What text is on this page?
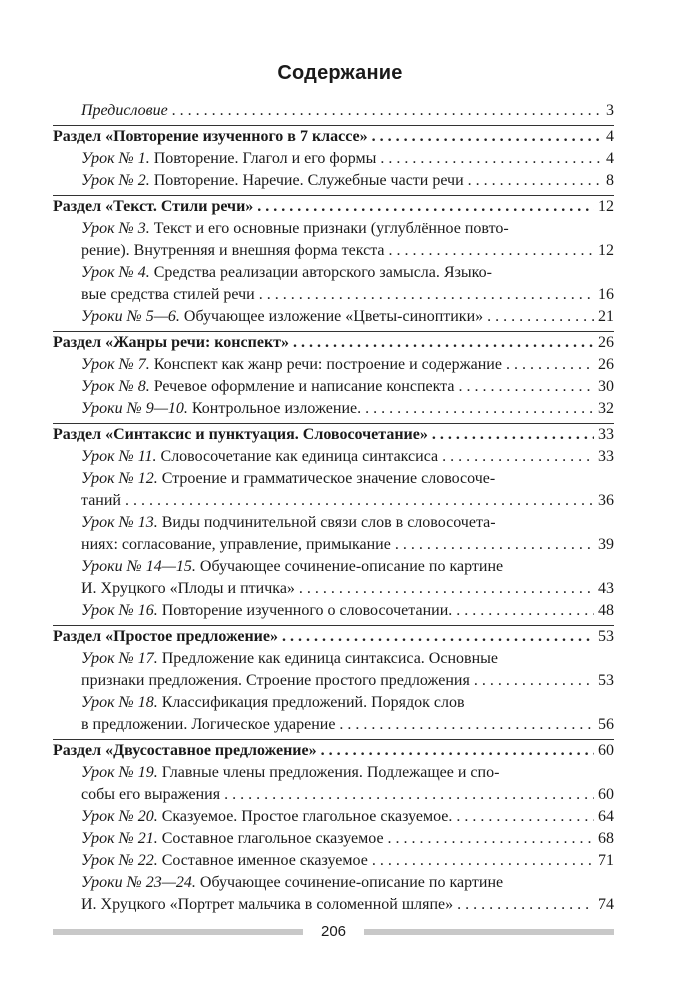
Содержание
Предисловие . . .	3
Раздел «Повторение изученного в 7 классе» . . .	4
Урок № 1. Повторение. Глагол и его формы . . .	4
Урок № 2. Повторение. Наречие. Служебные части речи . . .	8
Раздел «Текст. Стили речи» . . .	12
Урок № 3. Текст и его основные признаки (углублённое повто-
рение). Внутренняя и внешняя форма текста . . .	12
Урок № 4. Средства реализации авторского замысла. Языко-
вые средства стилей речи . . .	16
Уроки № 5—6. Обучающее изложение «Цветы-синоптики» . . .	21
Раздел «Жанры речи: конспект» . . .	26
Урок № 7. Конспект как жанр речи: построение и содержание . . .	26
Урок № 8. Речевое оформление и написание конспекта . . .	30
Уроки № 9—10. Контрольное изложение. . . .	32
Раздел «Синтаксис и пунктуация. Словосочетание» . . .	33
Урок № 11. Словосочетание как единица синтаксиса . . .	33
Урок № 12. Строение и грамматическое значение словосоче-
таний . . .	36
Урок № 13. Виды подчинительной связи слов в словосочета-
ниях: согласование, управление, примыкание . . .	39
Уроки № 14—15. Обучающее сочинение-описание по картине
И. Хруцкого «Плоды и птичка» . . .	43
Урок № 16. Повторение изученного о словосочетании. . . .	48
Раздел «Простое предложение» . . .	53
Урок № 17. Предложение как единица синтаксиса. Основные
признаки предложения. Строение простого предложения . . .	53
Урок № 18. Классификация предложений. Порядок слов
в предложении. Логическое ударение . . .	56
Раздел «Двусоставное предложение» . . .	60
Урок № 19. Главные члены предложения. Подлежащее и спо-
собы его выражения . . .	60
Урок № 20. Сказуемое. Простое глагольное сказуемое. . . .	64
Урок № 21. Составное глагольное сказуемое . . .	68
Урок № 22. Составное именное сказуемое . . .	71
Уроки № 23—24. Обучающее сочинение-описание по картине
И. Хруцкого «Портрет мальчика в соломенной шляпе» . . .	74
206
